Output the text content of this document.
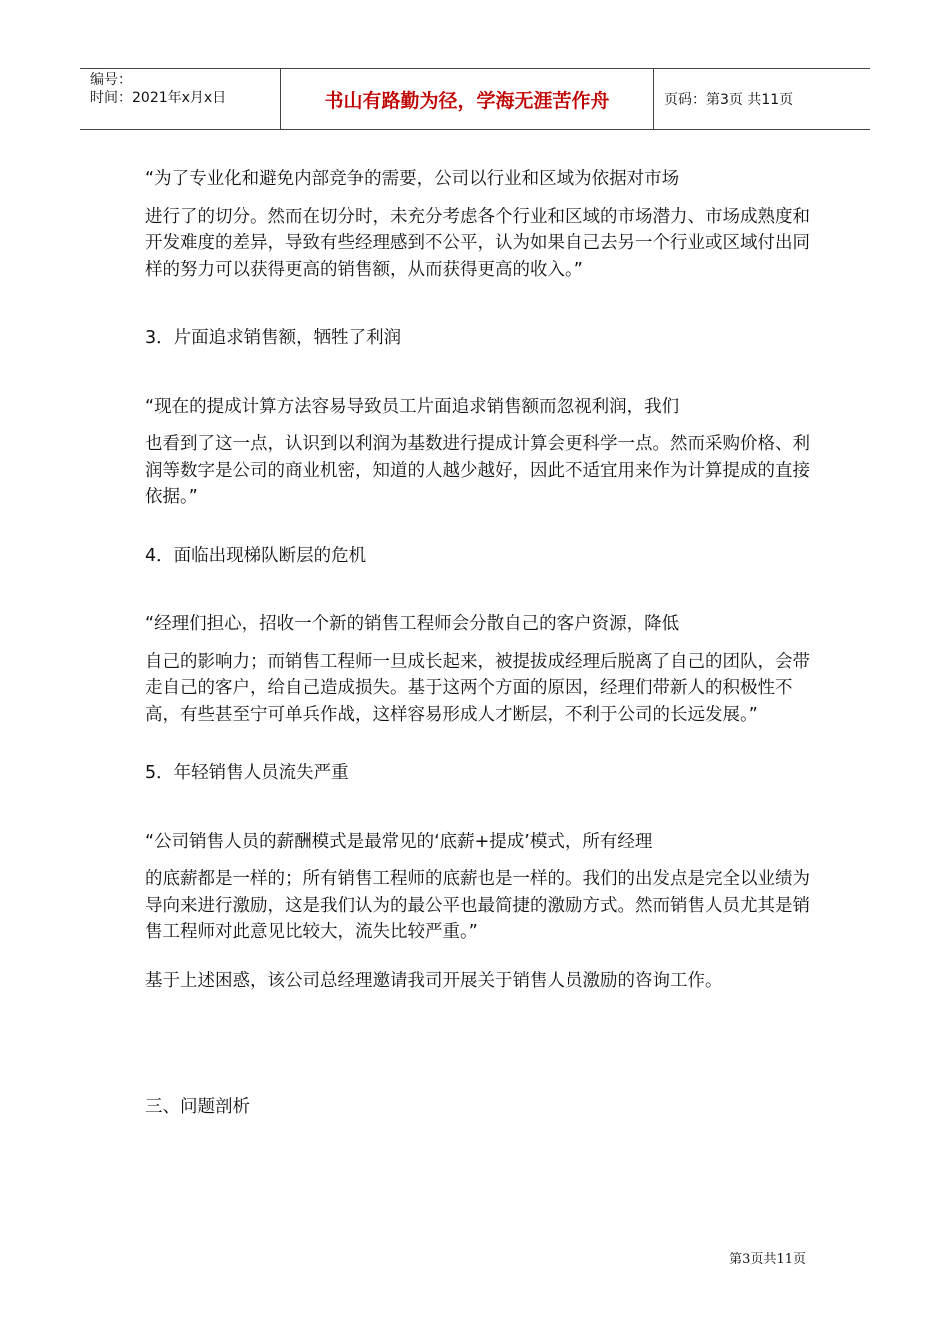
编号：
时间：2021年x月x日	书山有路勤为径，学海无涯苦作舟	页码：第3页 共11页

“为了专业化和避免内部竞争的需要，公司以行业和区域为依据对市场

进行了的切分。然而在切分时，未充分考虑各个行业和区域的市场潜力、市场成熟度和开发难度的差异，导致有些经理感到不公平，认为如果自己去另一个行业或区域付出同样的努力可以获得更高的销售额，从而获得更高的收入。”

3．片面追求销售额，牺牲了利润

“现在的提成计算方法容易导致员工片面追求销售额而忽视利润，我们

也看到了这一点，认识到以利润为基数进行提成计算会更科学一点。然而采购价格、利润等数字是公司的商业机密，知道的人越少越好，因此不适宜用来作为计算提成的直接依据。”

4．面临出现梯队断层的危机

“经理们担心，招收一个新的销售工程师会分散自己的客户资源，降低

自己的影响力；而销售工程师一旦成长起来，被提拔成经理后脱离了自己的团队，会带走自己的客户，给自己造成损失。基于这两个方面的原因，经理们带新人的积极性不高，有些甚至宁可单兵作战，这样容易形成人才断层，不利于公司的长远发展。”

5．年轻销售人员流失严重

“公司销售人员的薪酬模式是最常见的‘底薪+提成’模式，所有经理

的底薪都是一样的；所有销售工程师的底薪也是一样的。我们的出发点是完全以业绩为导向来进行激励，这是我们认为的最公平也最简捷的激励方式。然而销售人员尤其是销售工程师对此意见比较大，流失比较严重。”

基于上述困惑，该公司总经理邀请我司开展关于销售人员激励的咨询工作。

三、问题剖析

第3页共11页
